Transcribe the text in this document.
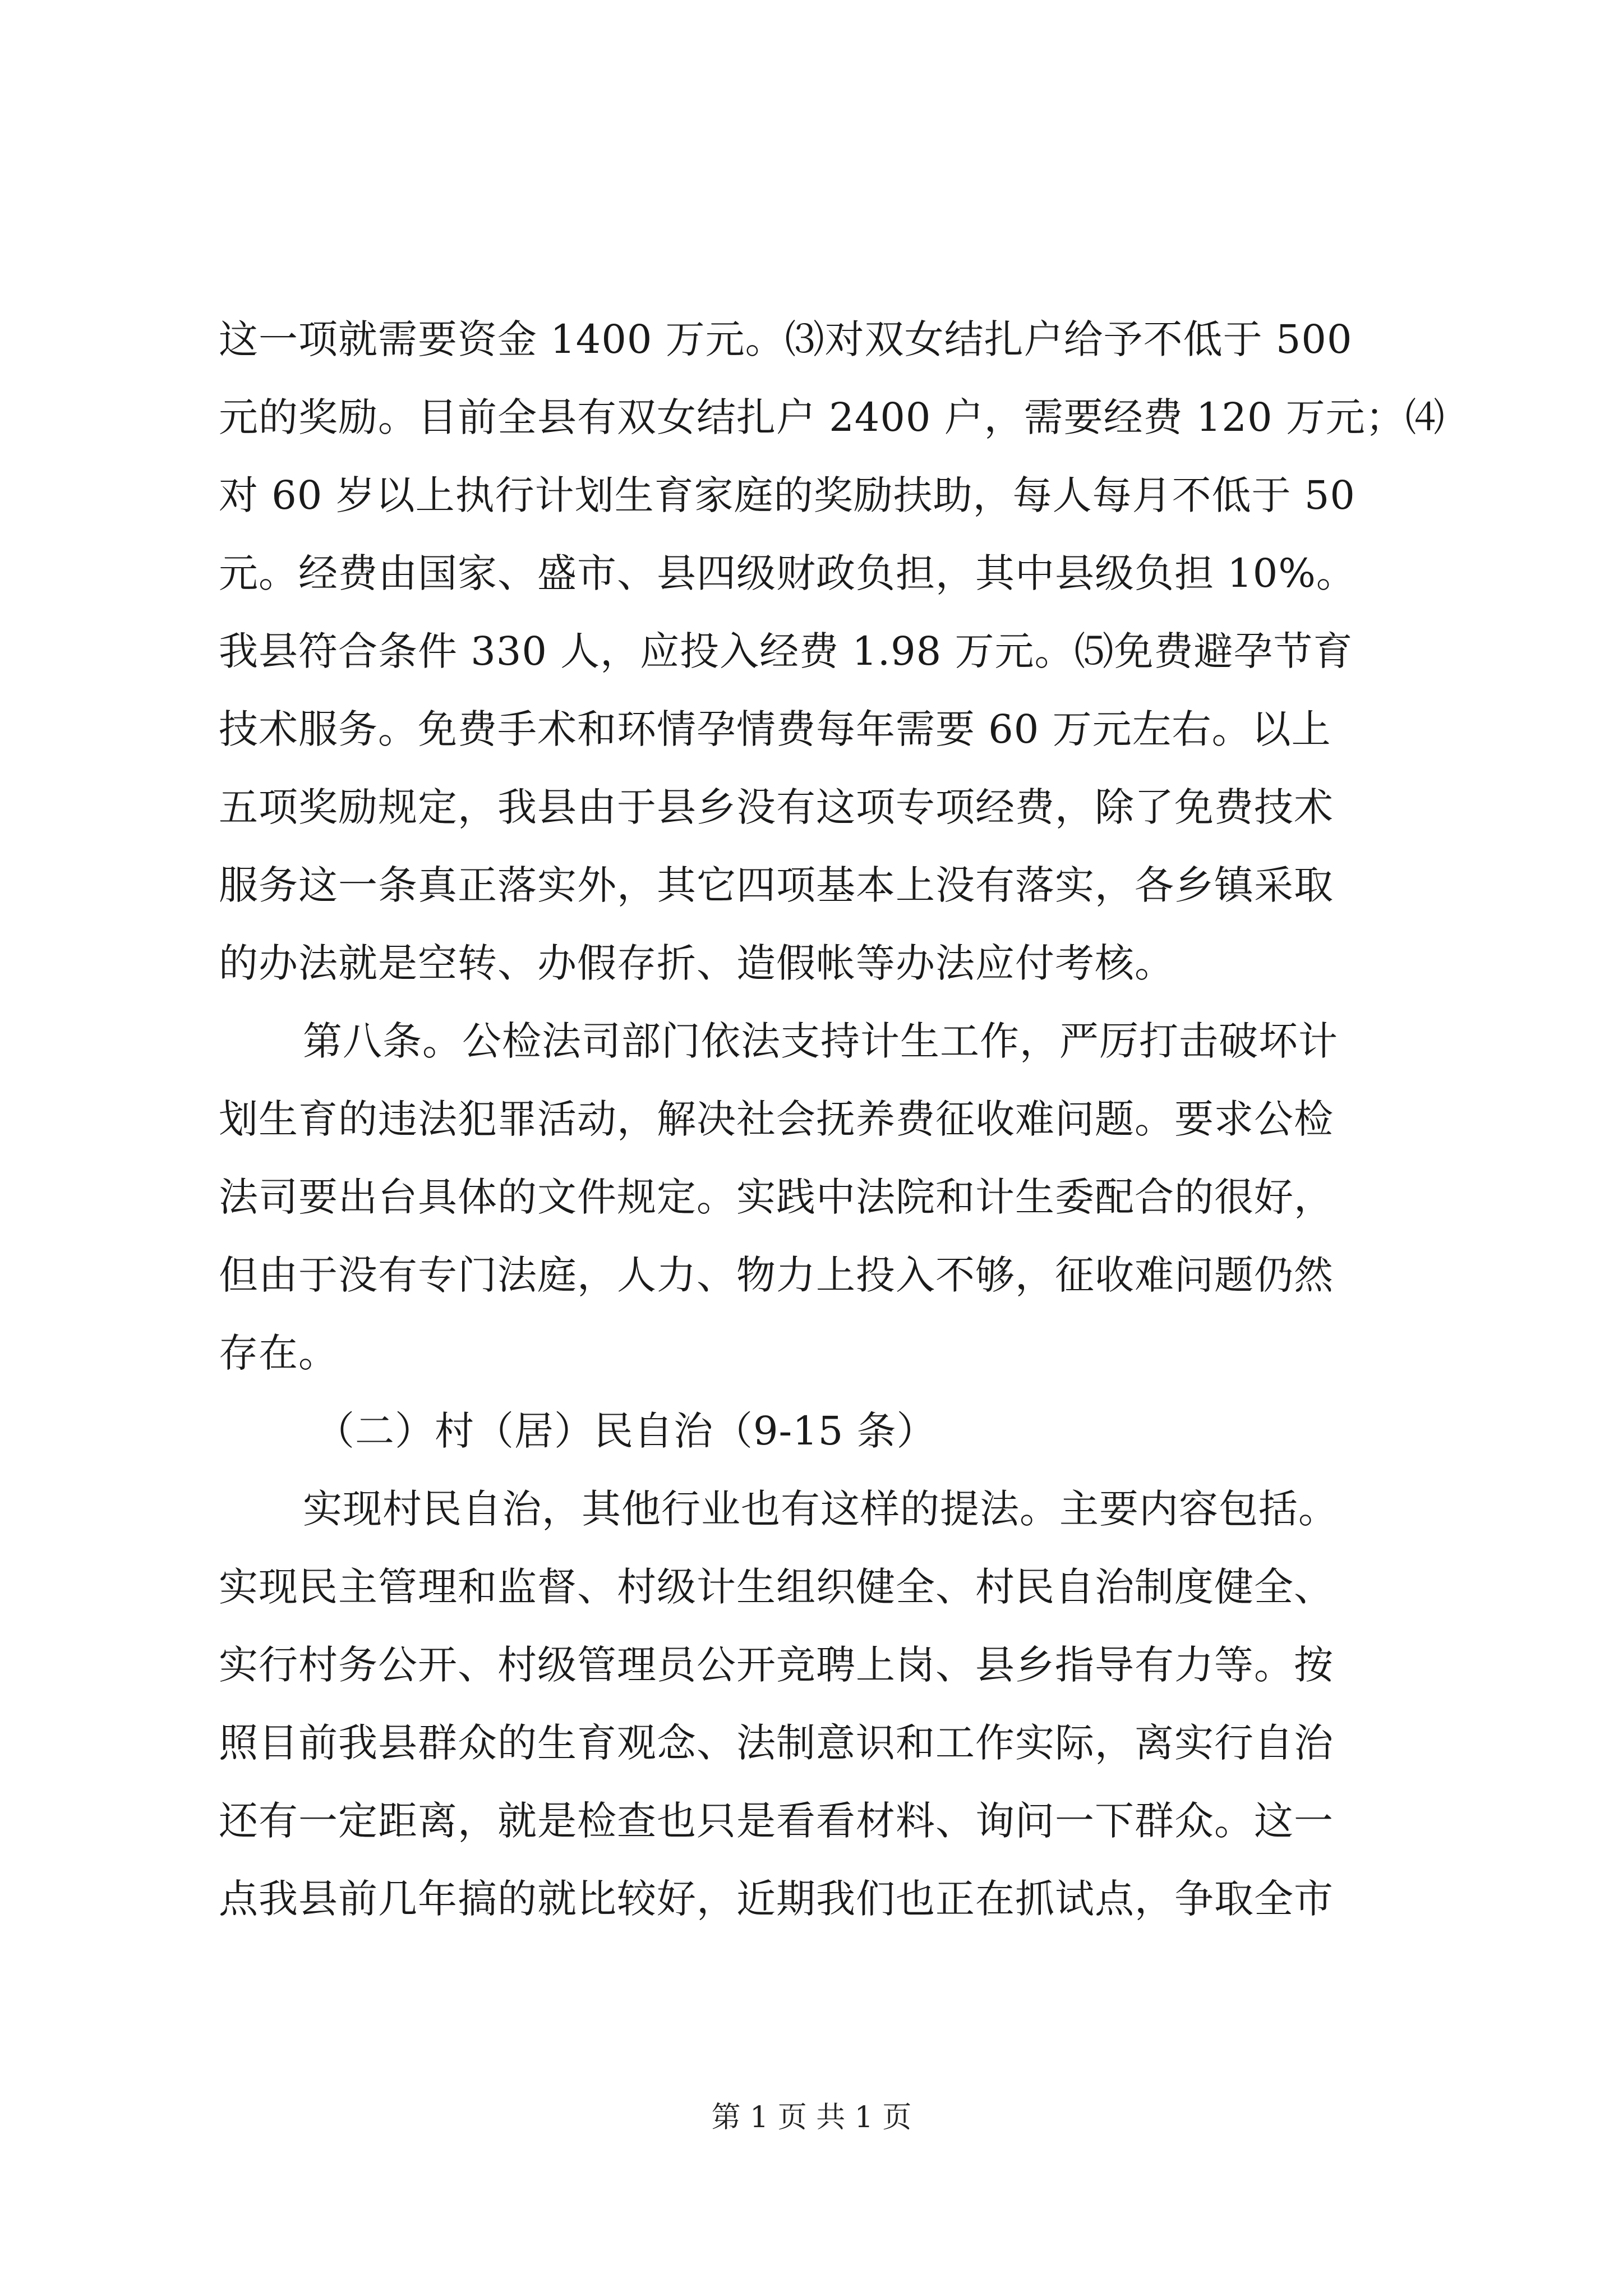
这一项就需要资金 1400 万元。⑶对双女结扎户给予不低于 500

元的奖励。目前全县有双女结扎户 2400 户，需要经费 120 万元；⑷

对 60 岁以上执行计划生育家庭的奖励扶助，每人每月不低于 50

元。经费由国家、盛市、县四级财政负担，其中县级负担 10%。

我县符合条件 330 人，应投入经费 1.98 万元。⑸免费避孕节育

技术服务。免费手术和环情孕情费每年需要 60 万元左右。以上

五项奖励规定，我县由于县乡没有这项专项经费，除了免费技术

服务这一条真正落实外，其它四项基本上没有落实，各乡镇采取

的办法就是空转、办假存折、造假帐等办法应付考核。

第八条。公检法司部门依法支持计生工作，严厉打击破坏计

划生育的违法犯罪活动，解决社会抚养费征收难问题。要求公检

法司要出台具体的文件规定。实践中法院和计生委配合的很好，

但由于没有专门法庭，人力、物力上投入不够，征收难问题仍然

存在。

（二）村（居）民自治（9-15 条）

实现村民自治，其他行业也有这样的提法。主要内容包括。

实现民主管理和监督、村级计生组织健全、村民自治制度健全、

实行村务公开、村级管理员公开竞聘上岗、县乡指导有力等。按

照目前我县群众的生育观念、法制意识和工作实际，离实行自治

还有一定距离，就是检查也只是看看材料、询问一下群众。这一

点我县前几年搞的就比较好，近期我们也正在抓试点，争取全市

第 1 页 共 1 页
